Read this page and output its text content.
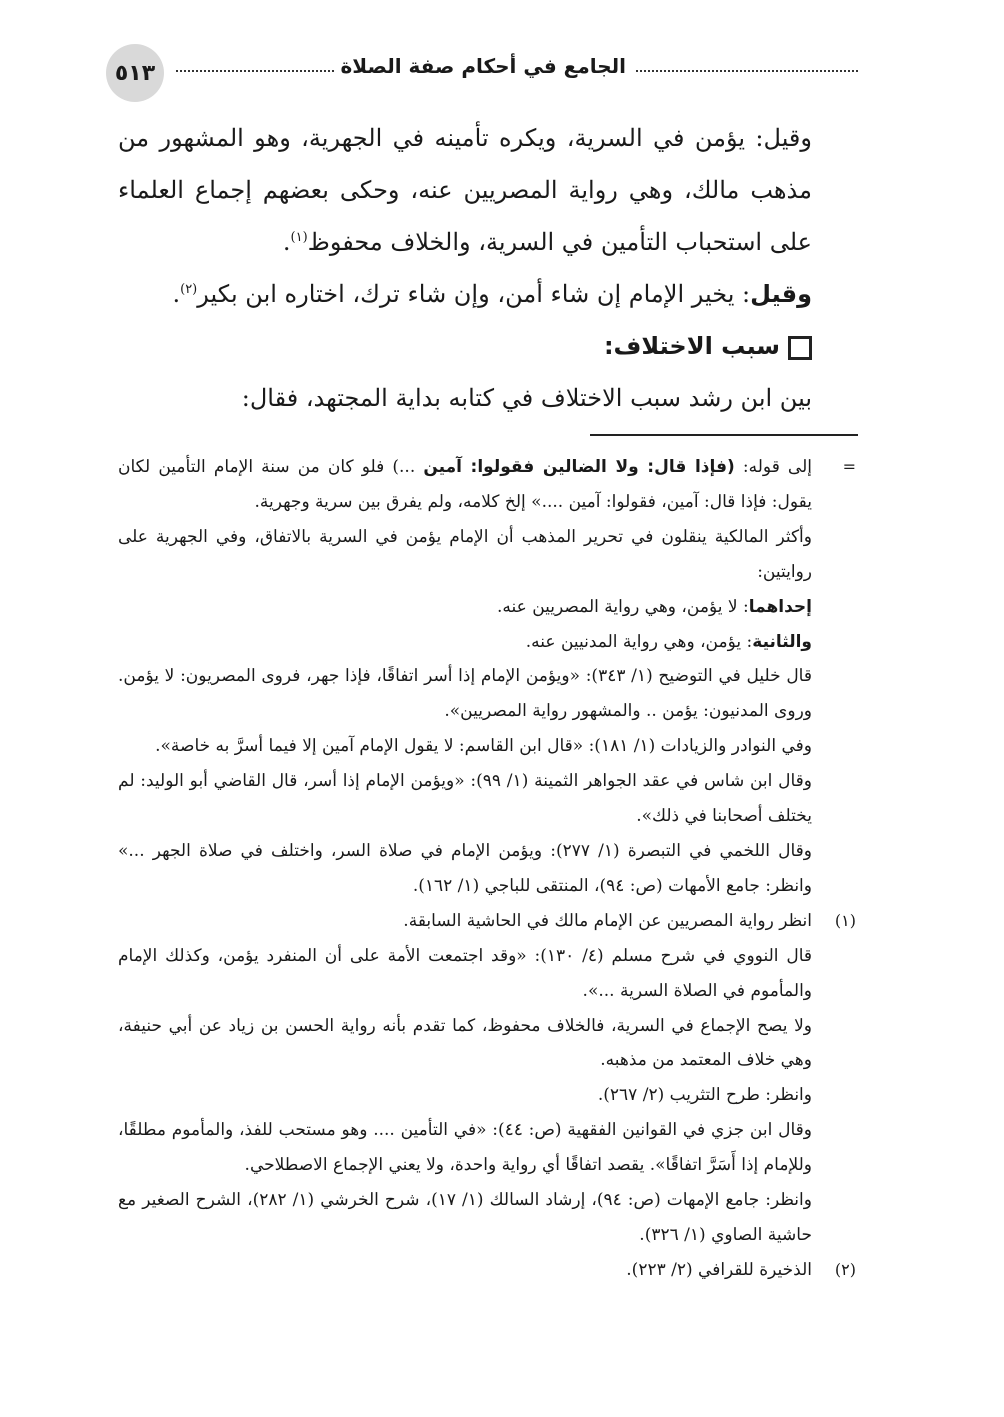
الجامع في أحكام صفة الصلاة
٥١٣

وقيل: يؤمن في السرية، ويكره تأمينه في الجهرية، وهو المشهور من مذهب مالك، وهي رواية المصريين عنه، وحكى بعضهم إجماع العلماء على استحباب التأمين في السرية، والخلاف محفوظ$^{(١)}$.

وقيل: يخير الإمام إن شاء أمن، وإن شاء ترك، اختاره ابن بكير$^{(٢)}$.

سبب الاختلاف:

بين ابن رشد سبب الاختلاف في كتابه بداية المجتهد، فقال:

=
إلى قوله: (فإذا قال: ولا الضالين فقولوا: آمين ...) فلو كان من سنة الإمام التأمين لكان يقول: فإذا قال: آمين، فقولوا: آمين ....» إلخ كلامه، ولم يفرق بين سرية وجهرية.

وأكثر المالكية ينقلون في تحرير المذهب أن الإمام يؤمن في السرية بالاتفاق، وفي الجهرية على روايتين:

إحداهما: لا يؤمن، وهي رواية المصريين عنه.

والثانية: يؤمن، وهي رواية المدنيين عنه.

قال خليل في التوضيح (١/ ٣٤٣): «ويؤمن الإمام إذا أسر اتفاقًا، فإذا جهر، فروى المصريون: لا يؤمن. وروى المدنيون: يؤمن .. والمشهور رواية المصريين».

وفي النوادر والزيادات (١/ ١٨١): «قال ابن القاسم: لا يقول الإمام آمين إلا فيما أسرَّ به خاصة».

وقال ابن شاس في عقد الجواهر الثمينة (١/ ٩٩): «ويؤمن الإمام إذا أسر، قال القاضي أبو الوليد: لم يختلف أصحابنا في ذلك».

وقال اللخمي في التبصرة (١/ ٢٧٧): ويؤمن الإمام في صلاة السر، واختلف في صلاة الجهر ...» وانظر: جامع الأمهات (ص: ٩٤)، المنتقى للباجي (١/ ١٦٢).

(١)
انظر رواية المصريين عن الإمام مالك في الحاشية السابقة.

قال النووي في شرح مسلم (٤/ ١٣٠): «وقد اجتمعت الأمة على أن المنفرد يؤمن، وكذلك الإمام والمأموم في الصلاة السرية ...».

ولا يصح الإجماع في السرية، فالخلاف محفوظ، كما تقدم بأنه رواية الحسن بن زياد عن أبي حنيفة، وهي خلاف المعتمد من مذهبه.

وانظر: طرح التثريب (٢/ ٢٦٧).

وقال ابن جزي في القوانين الفقهية (ص: ٤٤): «في التأمين .... وهو مستحب للفذ، والمأموم مطلقًا، وللإمام إذا أَسَرَّ اتفاقًا». يقصد اتفاقًا أي رواية واحدة، ولا يعني الإجماع الاصطلاحي.

وانظر: جامع الإمهات (ص: ٩٤)، إرشاد السالك (١/ ١٧)، شرح الخرشي (١/ ٢٨٢)، الشرح الصغير مع حاشية الصاوي (١/ ٣٢٦).

(٢)
الذخيرة للقرافي (٢/ ٢٢٣).
